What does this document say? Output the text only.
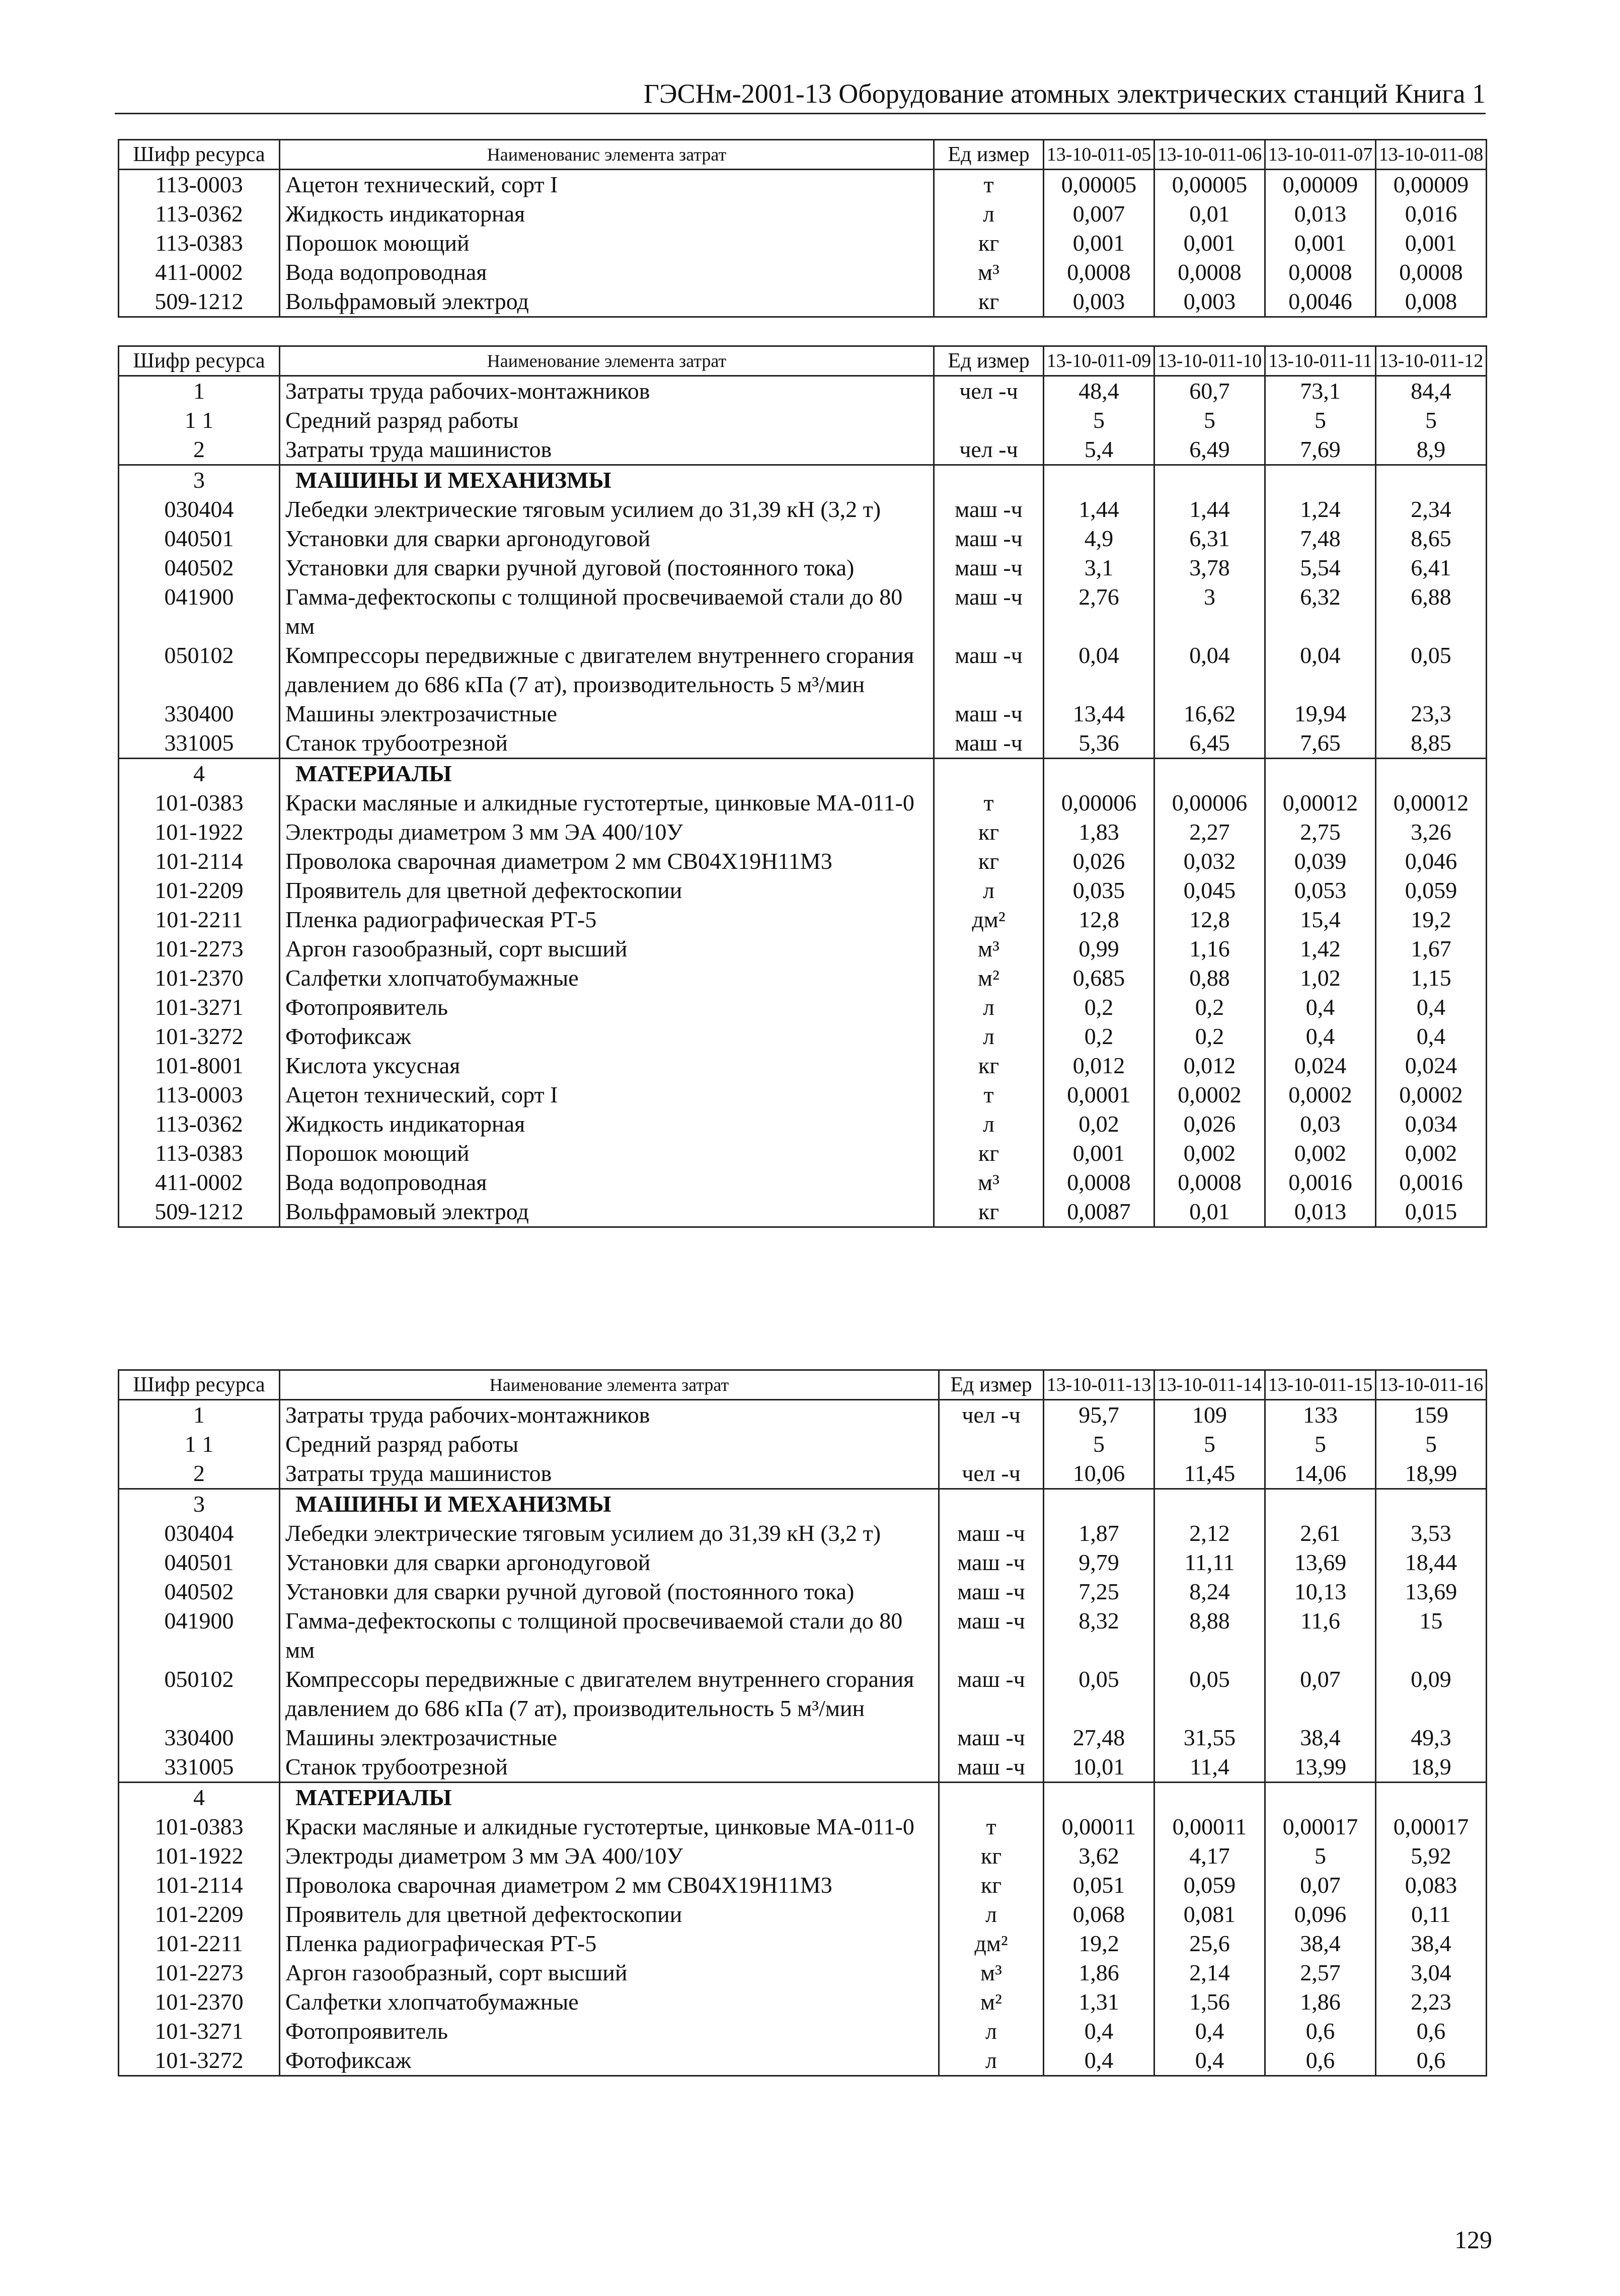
ГЭСНм-2001-13 Оборудование атомных электрических станций Книга 1
Шифр ресурса	Наименованис элемента затрат	Ед измер	13-10-011-05	13-10-011-06	13-10-011-07	13-10-011-08
113-0003	Ацетон технический, сорт I	т	0,00005	0,00005	0,00009	0,00009
113-0362	Жидкость индикаторная	л	0,007	0,01	0,013	0,016
113-0383	Порошок моющий	кг	0,001	0,001	0,001	0,001
411-0002	Вода водопроводная	м³	0,0008	0,0008	0,0008	0,0008
509-1212	Вольфрамовый электрод	кг	0,003	0,003	0,0046	0,008
Шифр ресурса	Наименование элемента затрат	Ед измер	13-10-011-09	13-10-011-10	13-10-011-11	13-10-011-12
1	Затраты труда рабочих-монтажников	чел -ч	48,4	60,7	73,1	84,4
1 1	Средний разряд работы		5	5	5	5
2	Затраты труда машинистов	чел -ч	5,4	6,49	7,69	8,9
3	МАШИНЫ И МЕХАНИЗМЫ					
030404	Лебедки электрические тяговым усилием до 31,39 кН (3,2 т)	маш -ч	1,44	1,44	1,24	2,34
040501	Установки для сварки аргонодуговой	маш -ч	4,9	6,31	7,48	8,65
040502	Установки для сварки ручной дуговой (постоянного тока)	маш -ч	3,1	3,78	5,54	6,41
041900	Гамма-дефектоскопы с толщиной просвечиваемой стали до 80 мм	маш -ч	2,76	3	6,32	6,88
050102	Компрессоры передвижные с двигателем внутреннего сгорания давлением до 686 кПа (7 ат), производительность 5 м³/мин	маш -ч	0,04	0,04	0,04	0,05
330400	Машины электрозачистные	маш -ч	13,44	16,62	19,94	23,3
331005	Станок трубоотрезной	маш -ч	5,36	6,45	7,65	8,85
4	МАТЕРИАЛЫ					
101-0383	Краски масляные и алкидные густотертые, цинковые МА-011-0	т	0,00006	0,00006	0,00012	0,00012
101-1922	Электроды диаметром 3 мм ЭА 400/10У	кг	1,83	2,27	2,75	3,26
101-2114	Проволока сварочная диаметром 2 мм СВ04Х19Н11М3	кг	0,026	0,032	0,039	0,046
101-2209	Проявитель для цветной дефектоскопии	л	0,035	0,045	0,053	0,059
101-2211	Пленка радиографическая РТ-5	дм²	12,8	12,8	15,4	19,2
101-2273	Аргон газообразный, сорт высший	м³	0,99	1,16	1,42	1,67
101-2370	Салфетки хлопчатобумажные	м²	0,685	0,88	1,02	1,15
101-3271	Фотопроявитель	л	0,2	0,2	0,4	0,4
101-3272	Фотофиксаж	л	0,2	0,2	0,4	0,4
101-8001	Кислота уксусная	кг	0,012	0,012	0,024	0,024
113-0003	Ацетон технический, сорт I	т	0,0001	0,0002	0,0002	0,0002
113-0362	Жидкость индикаторная	л	0,02	0,026	0,03	0,034
113-0383	Порошок моющий	кг	0,001	0,002	0,002	0,002
411-0002	Вода водопроводная	м³	0,0008	0,0008	0,0016	0,0016
509-1212	Вольфрамовый электрод	кг	0,0087	0,01	0,013	0,015
Шифр ресурса	Наименование элемента затрат	Ед измер	13-10-011-13	13-10-011-14	13-10-011-15	13-10-011-16
1	Затраты труда рабочих-монтажников	чел -ч	95,7	109	133	159
1 1	Средний разряд работы		5	5	5	5
2	Затраты труда машинистов	чел -ч	10,06	11,45	14,06	18,99
3	МАШИНЫ И МЕХАНИЗМЫ					
030404	Лебедки электрические тяговым усилием до 31,39 кН (3,2 т)	маш -ч	1,87	2,12	2,61	3,53
040501	Установки для сварки аргонодуговой	маш -ч	9,79	11,11	13,69	18,44
040502	Установки для сварки ручной дуговой (постоянного тока)	маш -ч	7,25	8,24	10,13	13,69
041900	Гамма-дефектоскопы с толщиной просвечиваемой стали до 80 мм	маш -ч	8,32	8,88	11,6	15
050102	Компрессоры передвижные с двигателем внутреннего сгорания давлением до 686 кПа (7 ат), производительность 5 м³/мин	маш -ч	0,05	0,05	0,07	0,09
330400	Машины электрозачистные	маш -ч	27,48	31,55	38,4	49,3
331005	Станок трубоотрезной	маш -ч	10,01	11,4	13,99	18,9
4	МАТЕРИАЛЫ					
101-0383	Краски масляные и алкидные густотертые, цинковые МА-011-0	т	0,00011	0,00011	0,00017	0,00017
101-1922	Электроды диаметром 3 мм ЭА 400/10У	кг	3,62	4,17	5	5,92
101-2114	Проволока сварочная диаметром 2 мм СВ04Х19Н11М3	кг	0,051	0,059	0,07	0,083
101-2209	Проявитель для цветной дефектоскопии	л	0,068	0,081	0,096	0,11
101-2211	Пленка радиографическая РТ-5	дм²	19,2	25,6	38,4	38,4
101-2273	Аргон газообразный, сорт высший	м³	1,86	2,14	2,57	3,04
101-2370	Салфетки хлопчатобумажные	м²	1,31	1,56	1,86	2,23
101-3271	Фотопроявитель	л	0,4	0,4	0,6	0,6
101-3272	Фотофиксаж	л	0,4	0,4	0,6	0,6
129
